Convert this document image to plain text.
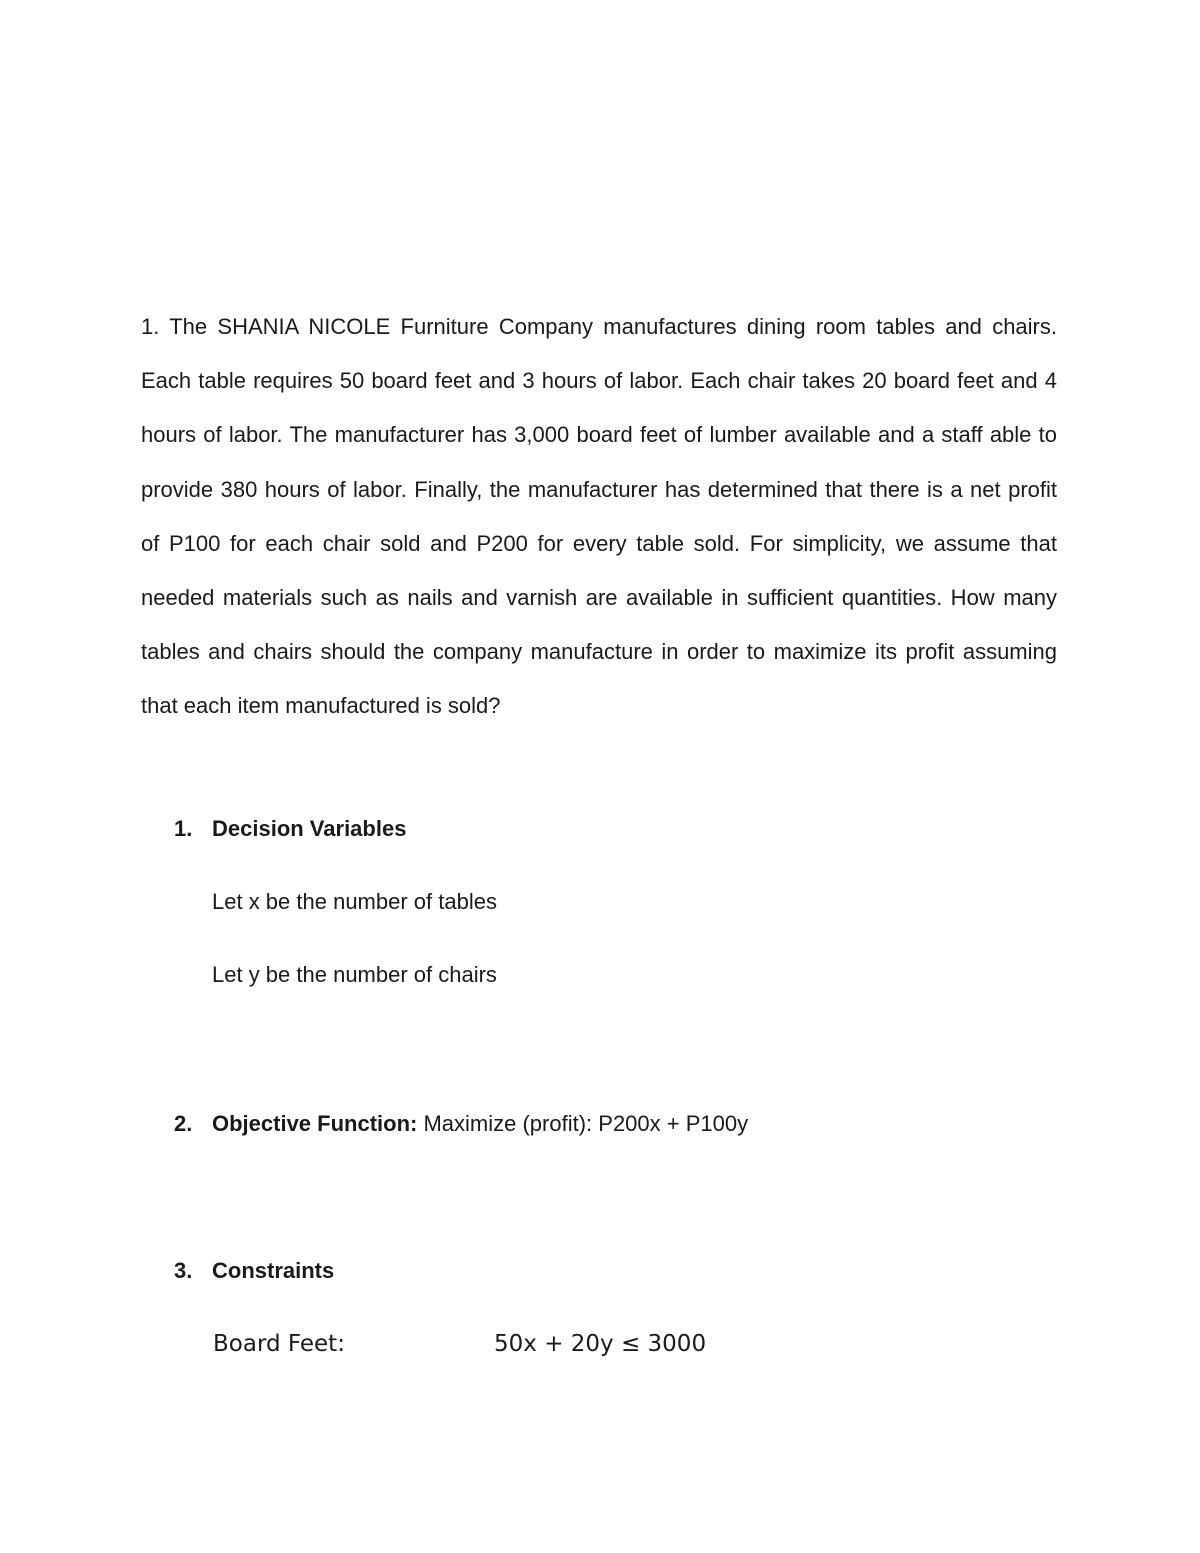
1. The SHANIA NICOLE Furniture Company manufactures dining room tables and chairs. Each table requires 50 board feet and 3 hours of labor. Each chair takes 20 board feet and 4 hours of labor. The manufacturer has 3,000 board feet of lumber available and a staff able to provide 380 hours of labor. Finally, the manufacturer has determined that there is a net profit of P100 for each chair sold and P200 for every table sold. For simplicity, we assume that needed materials such as nails and varnish are available in sufficient quantities. How many tables and chairs should the company manufacture in order to maximize its profit assuming that each item manufactured is sold?

1. Decision Variables
Let x be the number of tables
Let y be the number of chairs
2. Objective Function: Maximize (profit): P200x + P100y
3. Constraints
Board Feet:	50x + 20y ≤ 3000
